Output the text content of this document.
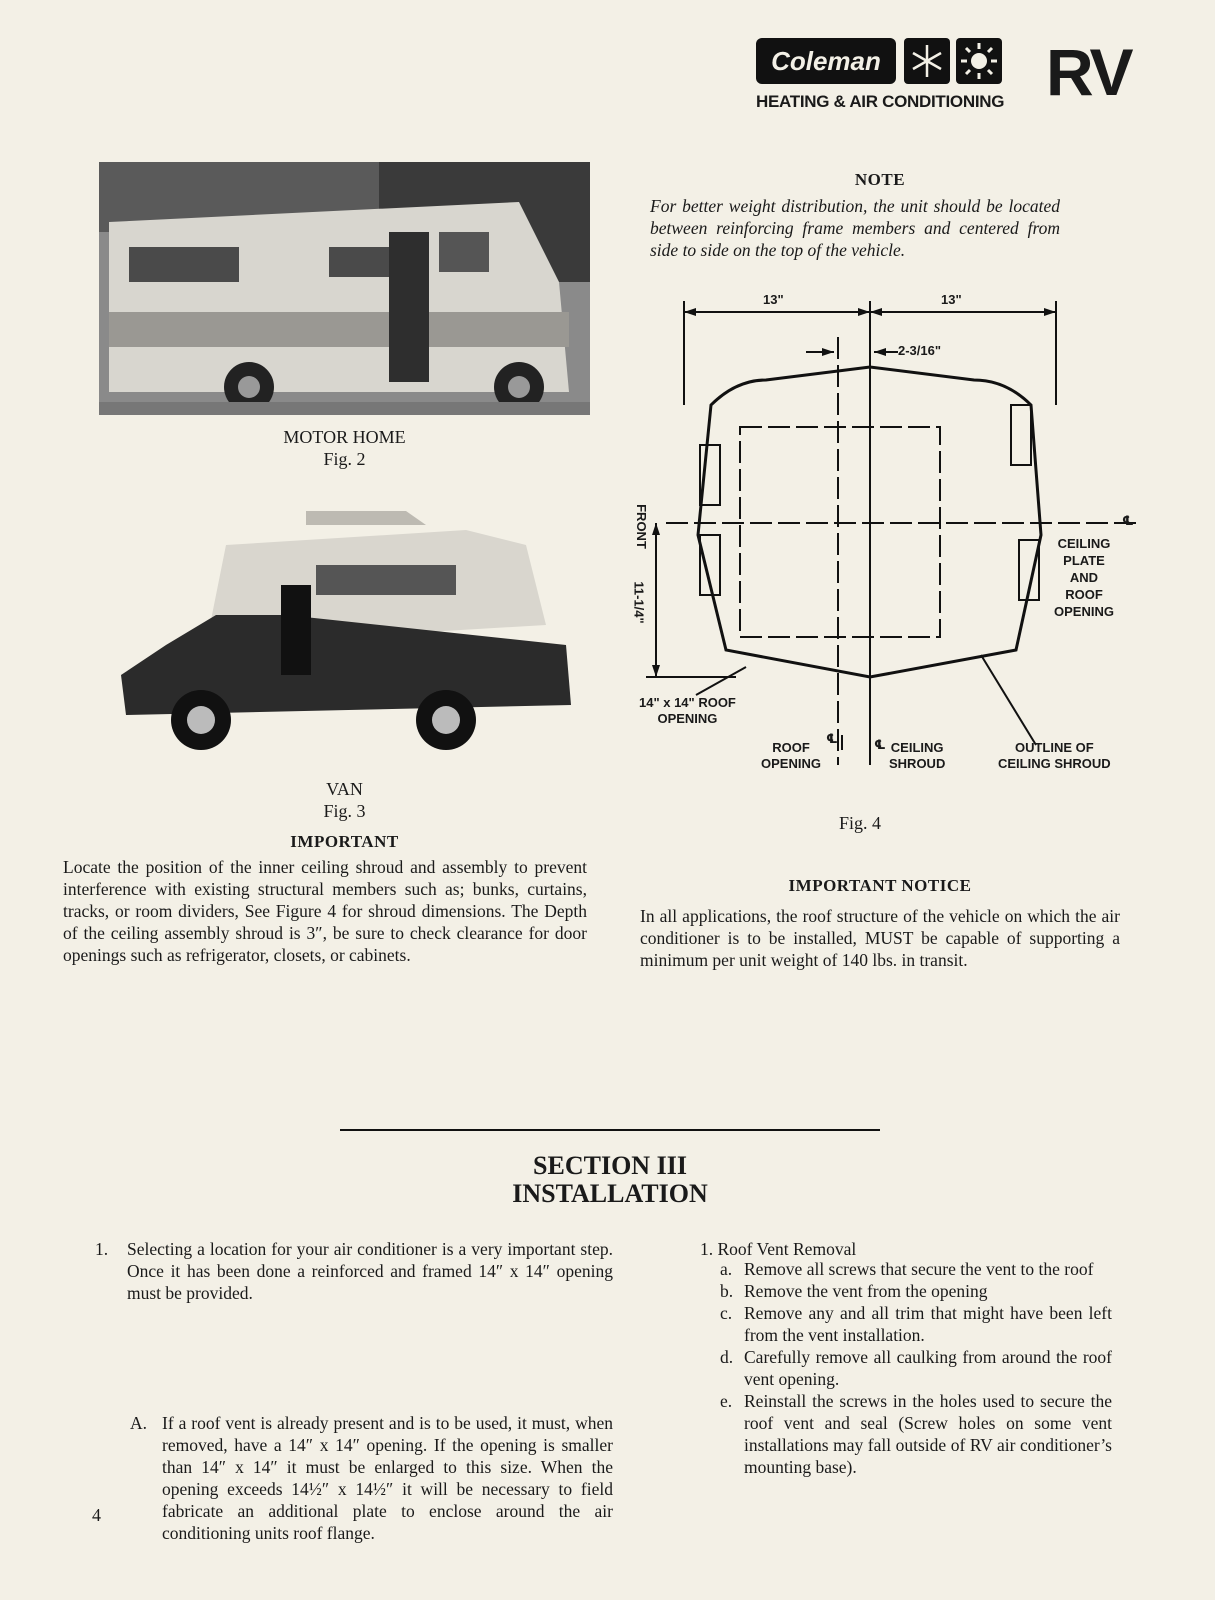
Coleman	RV
HEATING & AIR CONDITIONING
MOTOR HOME
Fig. 2
VAN
Fig. 3
IMPORTANT
Locate the position of the inner ceiling shroud and assembly to prevent interference with existing structural members such as; bunks, curtains, tracks, or room dividers, See Figure 4 for shroud dimensions. The Depth of the ceiling assembly shroud is 3″, be sure to check clearance for door openings such as refrigerator, closets, or cabinets.
NOTE
For better weight distribution, the unit should be located between reinforcing frame members and centered from side to side on the top of the vehicle.
13"	13"
2-3/16"
FRONT
11-1/4"
℄
CEILING
PLATE
AND
ROOF
OPENING
14" x 14" ROOF
OPENING
ROOF
OPENING
℄	℄ CEILING
SHROUD
OUTLINE OF
CEILING SHROUD
Fig. 4
IMPORTANT NOTICE
In all applications, the roof structure of the vehicle on which the air conditioner is to be installed, MUST be capable of supporting a minimum per unit weight of 140 lbs. in transit.
SECTION III
INSTALLATION
1. Selecting a location for your air conditioner is a very important step. Once it has been done a reinforced and framed 14″ x 14″ opening must be provided.
A. If a roof vent is already present and is to be used, it must, when removed, have a 14″ x 14″ opening. If the opening is smaller than 14″ x 14″ it must be enlarged to this size. When the opening exceeds 14½″ x 14½″ it will be necessary to field fabricate an additional plate to enclose around the air conditioning units roof flange.
1. Roof Vent Removal
a. Remove all screws that secure the vent to the roof
b. Remove the vent from the opening
c. Remove any and all trim that might have been left from the vent installation.
d. Carefully remove all caulking from around the roof vent opening.
e. Reinstall the screws in the holes used to secure the roof vent and seal (Screw holes on some vent installations may fall outside of RV air conditioner’s mounting base).
4
